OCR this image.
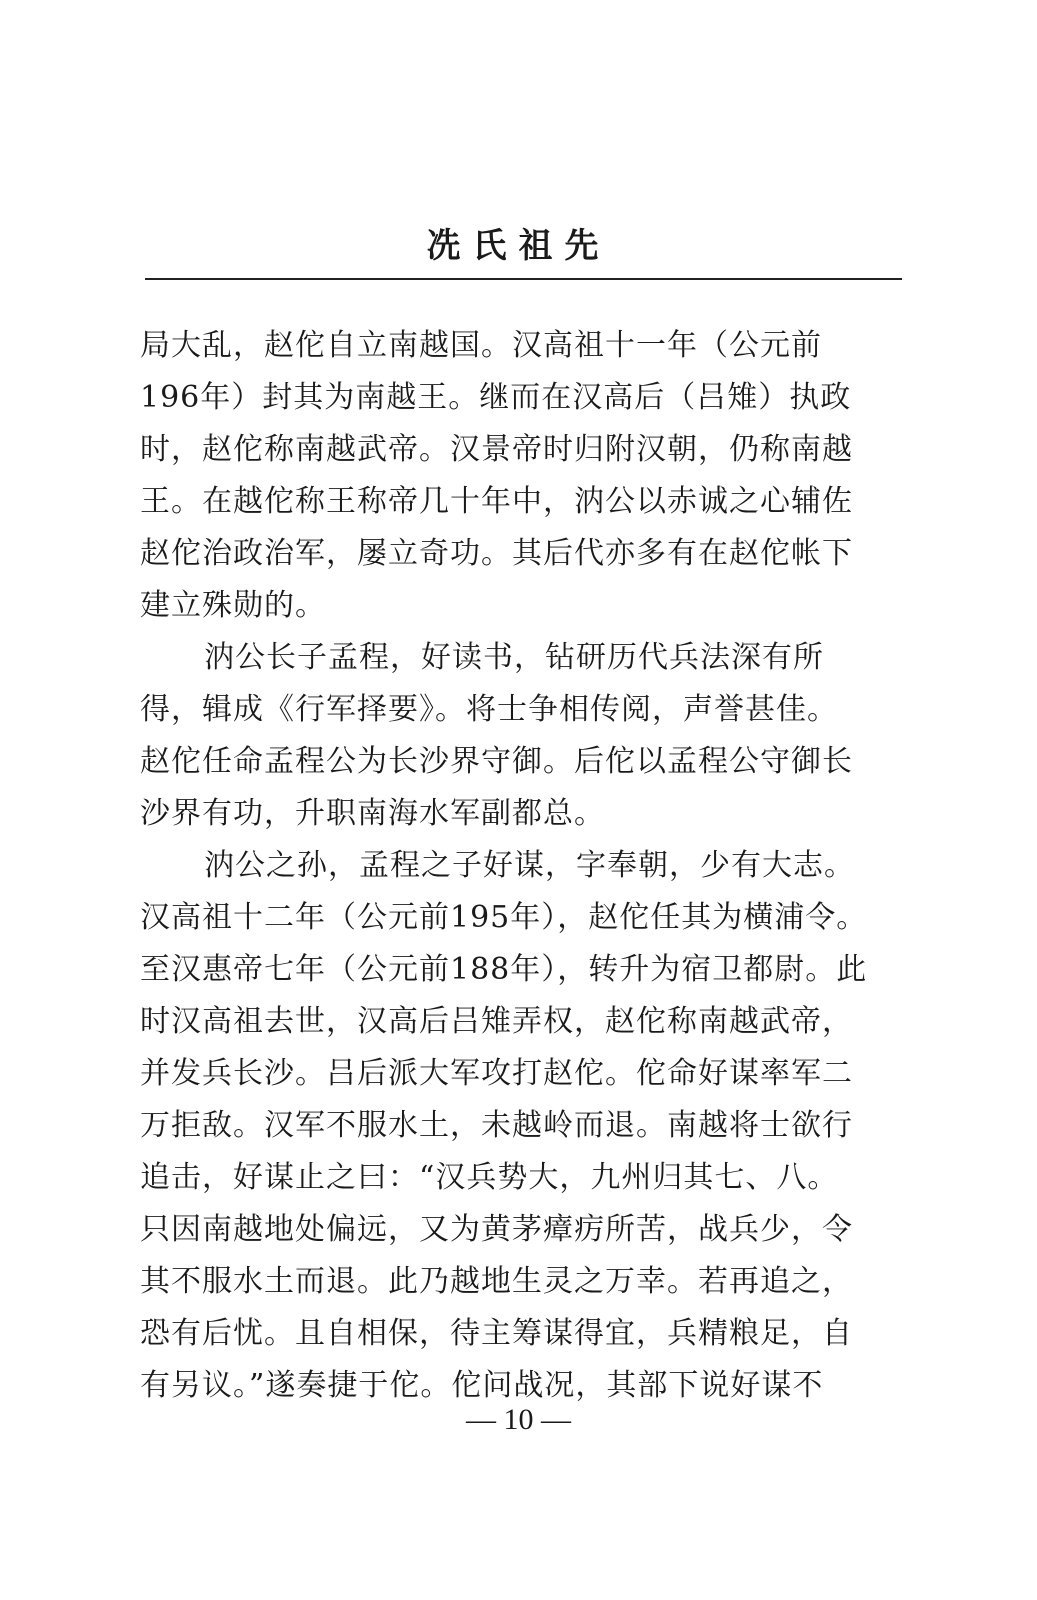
冼氏祖先
局大乱，赵佗自立南越国。汉高祖十一年（公元前
196年）封其为南越王。继而在汉高后（吕雉）执政
时，赵佗称南越武帝。汉景帝时归附汉朝，仍称南越
王。在越佗称王称帝几十年中，汭公以赤诚之心辅佐
赵佗治政治军，屡立奇功。其后代亦多有在赵佗帐下
建立殊勋的。
汭公长子孟程，好读书，钻研历代兵法深有所
得，辑成《行军择要》。将士争相传阅，声誉甚佳。
赵佗任命孟程公为长沙界守御。后佗以孟程公守御长
沙界有功，升职南海水军副都总。
汭公之孙，孟程之子好谋，字奉朝，少有大志。
汉高祖十二年（公元前195年），赵佗任其为横浦令。
至汉惠帝七年（公元前188年），转升为宿卫都尉。此
时汉高祖去世，汉高后吕雉弄权，赵佗称南越武帝，
并发兵长沙。吕后派大军攻打赵佗。佗命好谋率军二
万拒敌。汉军不服水土，未越岭而退。南越将士欲行
追击，好谋止之曰：“汉兵势大，九州归其七、八。
只因南越地处偏远，又为黄茅瘴疠所苦，战兵少，令
其不服水土而退。此乃越地生灵之万幸。若再追之，
恐有后忧。且自相保，待主筹谋得宜，兵精粮足，自
有另议。”遂奏捷于佗。佗问战况，其部下说好谋不
— 10 —
